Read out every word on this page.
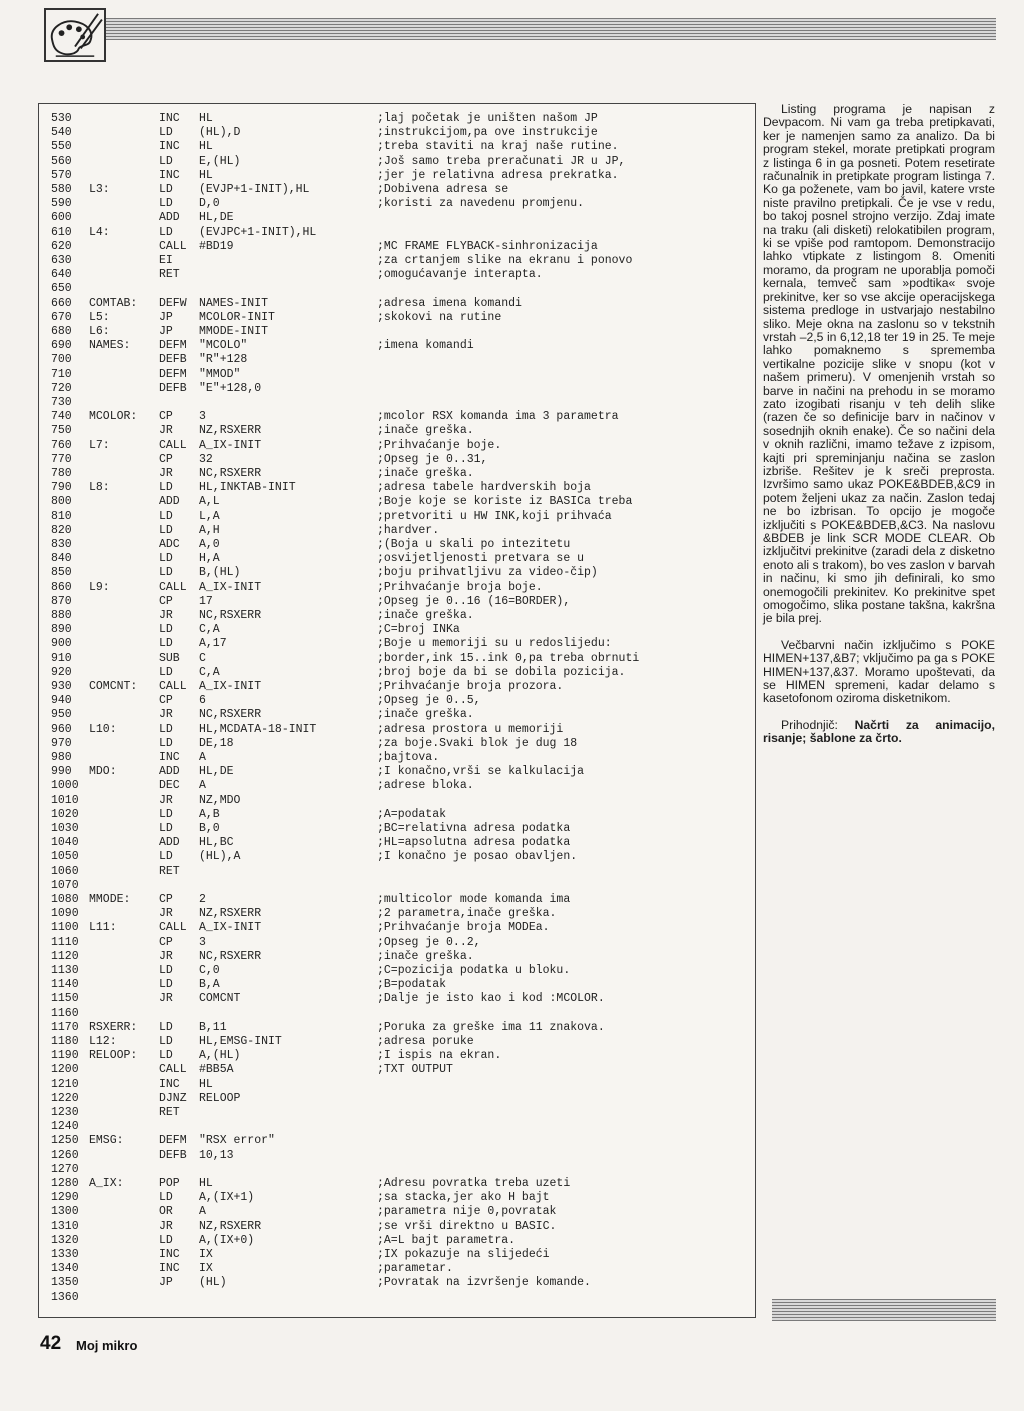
530	INC HL	;laj početak je uništen našom JP
540	LD (HL),D	;instrukcijom,pa ove instrukcije
550	INC HL	;treba staviti na kraj naše rutine.
560	LD E,(HL)	;Još samo treba preračunati JR u JP,
570	INC HL	;jer je relativna adresa prekratka.
580 L3:	LD (EVJP+1-INIT),HL	;Dobivena adresa se
590	LD D,0	;koristi za navedenu promjenu.
600	ADD HL,DE
610 L4:	LD (EVJPC+1-INIT),HL
620	CALL #BD19	;MC FRAME FLYBACK-sinhronizacija
630	EI	;za crtanjem slike na ekranu i ponovo
640	RET	;omogućavanje interapta.
650
660 COMTAB: DEFW NAMES-INIT	;adresa imena komandi
670 L5:	JP MCOLOR-INIT	;skokovi na rutine
680 L6:	JP MMODE-INIT
690 NAMES: DEFM "MCOLO"	;imena komandi
700	DEFB "R"+128
710	DEFM "MMOD"
720	DEFB "E"+128,0
730
740 MCOLOR: CP 3	;mcolor RSX komanda ima 3 parametra
750	JR NZ,RSXERR	;inače greška.
760 L7:	CALL A_IX-INIT	;Prihvaćanje boje.
770	CP 32	;Opseg je 0..31,
780	JR NC,RSXERR	;inače greška.
790 L8:	LD HL,INKTAB-INIT	;adresa tabele hardverskih boja
800	ADD A,L	;Boje koje se koriste iz BASICa treba
810	LD L,A	;pretvoriti u HW INK,koji prihvaća
820	LD A,H	;hardver.
830	ADC A,0	;(Boja u skali po intezitetu
840	LD H,A	;osvijetljenosti pretvara se u
850	LD B,(HL)	;boju prihvatljivu za video-čip)
860 L9:	CALL A_IX-INIT	;Prihvaćanje broja boje.
870	CP 17	;Opseg je 0..16 (16=BORDER),
880	JR NC,RSXERR	;inače greška.
890	LD C,A	;C=broj INKa
900	LD A,17	;Boje u memoriji su u redoslijedu:
910	SUB C	;border,ink 15..ink 0,pa treba obrnuti
920	LD C,A	;broj boje da bi se dobila pozicija.
930 COMCNT: CALL A_IX-INIT	;Prihvaćanje broja prozora.
940	CP 6	;Opseg je 0..5,
950	JR NC,RSXERR	;inače greška.
960 L10:	LD HL,MCDATA-18-INIT	;adresa prostora u memoriji
970	LD DE,18	;za boje.Svaki blok je dug 18
980	INC A	;bajtova.
990 MDO:	ADD HL,DE	;I konačno,vrši se kalkulacija
1000	DEC A	;adrese bloka.
1010	JR NZ,MDO
1020	LD A,B	;A=podatak
1030	LD B,0	;BC=relativna adresa podatka
1040	ADD HL,BC	;HL=apsolutna adresa podatka
1050	LD (HL),A	;I konačno je posao obavljen.
1060	RET
1070
1080 MMODE: CP 2	;multicolor mode komanda ima
1090	JR NZ,RSXERR	;2 parametra,inače greška.
1100 L11:	CALL A_IX-INIT	;Prihvaćanje broja MODEa.
1110	CP 3	;Opseg je 0..2,
1120	JR NC,RSXERR	;inače greška.
1130	LD C,0	;C=pozicija podatka u bloku.
1140	LD B,A	;B=podatak
1150	JR COMCNT	;Dalje je isto kao i kod :MCOLOR.
1160
1170 RSXERR: LD B,11	;Poruka za greške ima 11 znakova.
1180 L12:	LD HL,EMSG-INIT	;adresa poruke
1190 RELOOP: LD A,(HL)	;I ispis na ekran.
1200	CALL #BB5A	;TXT OUTPUT
1210	INC HL
1220	DJNZ RELOOP
1230	RET
1240
1250 EMSG:	DEFM "RSX error"
1260	DEFB 10,13
1270
1280 A_IX:	POP HL	;Adresu povratka treba uzeti
1290	LD A,(IX+1)	;sa stacka,jer ako H bajt
1300	OR A	;parametra nije 0,povratak
1310	JR NZ,RSXERR	;se vrši direktno u BASIC.
1320	LD A,(IX+0)	;A=L bajt parametra.
1330	INC IX	;IX pokazuje na slijedeći
1340	INC IX	;parametar.
1350	JP (HL)	;Povratak na izvršenje komande.
1360

Listing programa je napisan z Devpacom. Ni vam ga treba pretipkavati, ker je namenjen samo za analizo. Da bi program stekel, morate pretipkati program z listinga 6 in ga posneti. Potem resetirate računalnik in pretipkate program listinga 7. Ko ga poženete, vam bo javil, katere vrste niste pravilno pretipkali. Če je vse v redu, bo takoj posnel strojno verzijo. Zdaj imate na traku (ali disketi) relokatibilen program, ki se vpiše pod ramtopom. Demonstracijo lahko vtipkate z listingom 8. Omeniti moramo, da program ne uporablja pomoči kernala, temveč sam »podtika« svoje prekinitve, ker so vse akcije operacijskega sistema predloge in ustvarjajo nestabilno sliko. Meje okna na zaslonu so v tekstnih vrstah –2,5 in 6,12,18 ter 19 in 25. Te meje lahko pomaknemo s sprememba vertikalne pozicije slike v snopu (kot v našem primeru). V omenjenih vrstah so barve in načini na prehodu in se moramo zato izogibati risanju v teh delih slike (razen če so definicije barv in načinov v sosednjih oknih enake). Če so načini dela v oknih različni, imamo težave z izpisom, kajti pri spreminjanju načina se zaslon izbriše. Rešitev je k sreči preprosta. Izvršimo samo ukaz POKE&BDEB,&C9 in potem željeni ukaz za način. Zaslon tedaj ne bo izbrisan. To opcijo je mogoče izključiti s POKE&BDEB,&C3. Na naslovu &BDEB je link SCR MODE CLEAR. Ob izključitvi prekinitve (zaradi dela z disketno enoto ali s trakom), bo ves zaslon v barvah in načinu, ki smo jih definirali, ko smo onemogočili prekinitev. Ko prekinitve spet omogočimo, slika postane takšna, kakršna je bila prej.

Večbarvni način izključimo s POKE HIMEN+137,&B7; vključimo pa ga s POKE HIMEN+137,&37. Moramo upoštevati, da se HIMEN spremeni, kadar delamo s kasetofonom oziroma disketnikom.

Prihodnjič: Načrti za animacijo, risanje; šablone za črto.

42 Moj mikro
